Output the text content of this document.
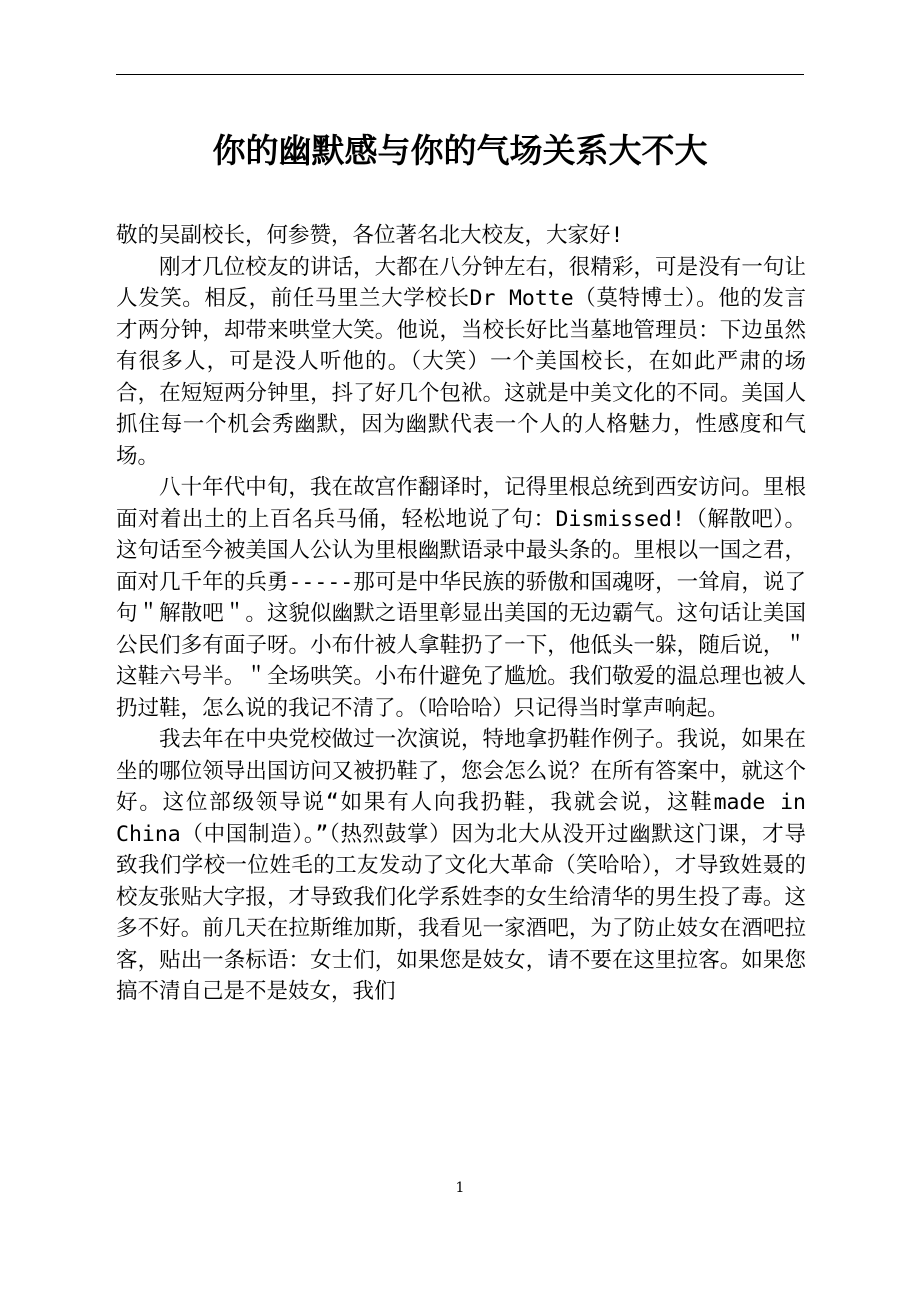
你的幽默感与你的气场关系大不大

敬的吴副校长，何参赞，各位著名北大校友，大家好!

刚才几位校友的讲话，大都在八分钟左右，很精彩，可是没有一句让人发笑。相反，前任马里兰大学校长Dr Motte（莫特博士）。他的发言才两分钟，却带来哄堂大笑。他说，当校长好比当墓地管理员：下边虽然有很多人，可是没人听他的。（大笑）一个美国校长，在如此严肃的场合，在短短两分钟里，抖了好几个包袱。这就是中美文化的不同。美国人抓住每一个机会秀幽默，因为幽默代表一个人的人格魅力，性感度和气场。

八十年代中旬，我在故宫作翻译时，记得里根总统到西安访问。里根面对着出土的上百名兵马俑，轻松地说了句：Dismissed!（解散吧）。这句话至今被美国人公认为里根幽默语录中最头条的。里根以一国之君，面对几千年的兵勇-----那可是中华民族的骄傲和国魂呀，一耸肩，说了句＂解散吧＂。这貌似幽默之语里彰显出美国的无边霸气。这句话让美国公民们多有面子呀。小布什被人拿鞋扔了一下，他低头一躲，随后说，＂这鞋六号半。＂全场哄笑。小布什避免了尴尬。我们敬爱的温总理也被人扔过鞋，怎么说的我记不清了。（哈哈哈）只记得当时掌声响起。

我去年在中央党校做过一次演说，特地拿扔鞋作例子。我说，如果在坐的哪位领导出国访问又被扔鞋了，您会怎么说？在所有答案中，就这个好。这位部级领导说“如果有人向我扔鞋，我就会说，这鞋made in China（中国制造）。”（热烈鼓掌）因为北大从没开过幽默这门课，才导致我们学校一位姓毛的工友发动了文化大革命（笑哈哈），才导致姓聂的校友张贴大字报，才导致我们化学系姓李的女生给清华的男生投了毒。这多不好。前几天在拉斯维加斯，我看见一家酒吧，为了防止妓女在酒吧拉客，贴出一条标语：女士们，如果您是妓女，请不要在这里拉客。如果您搞不清自己是不是妓女，我们

1
